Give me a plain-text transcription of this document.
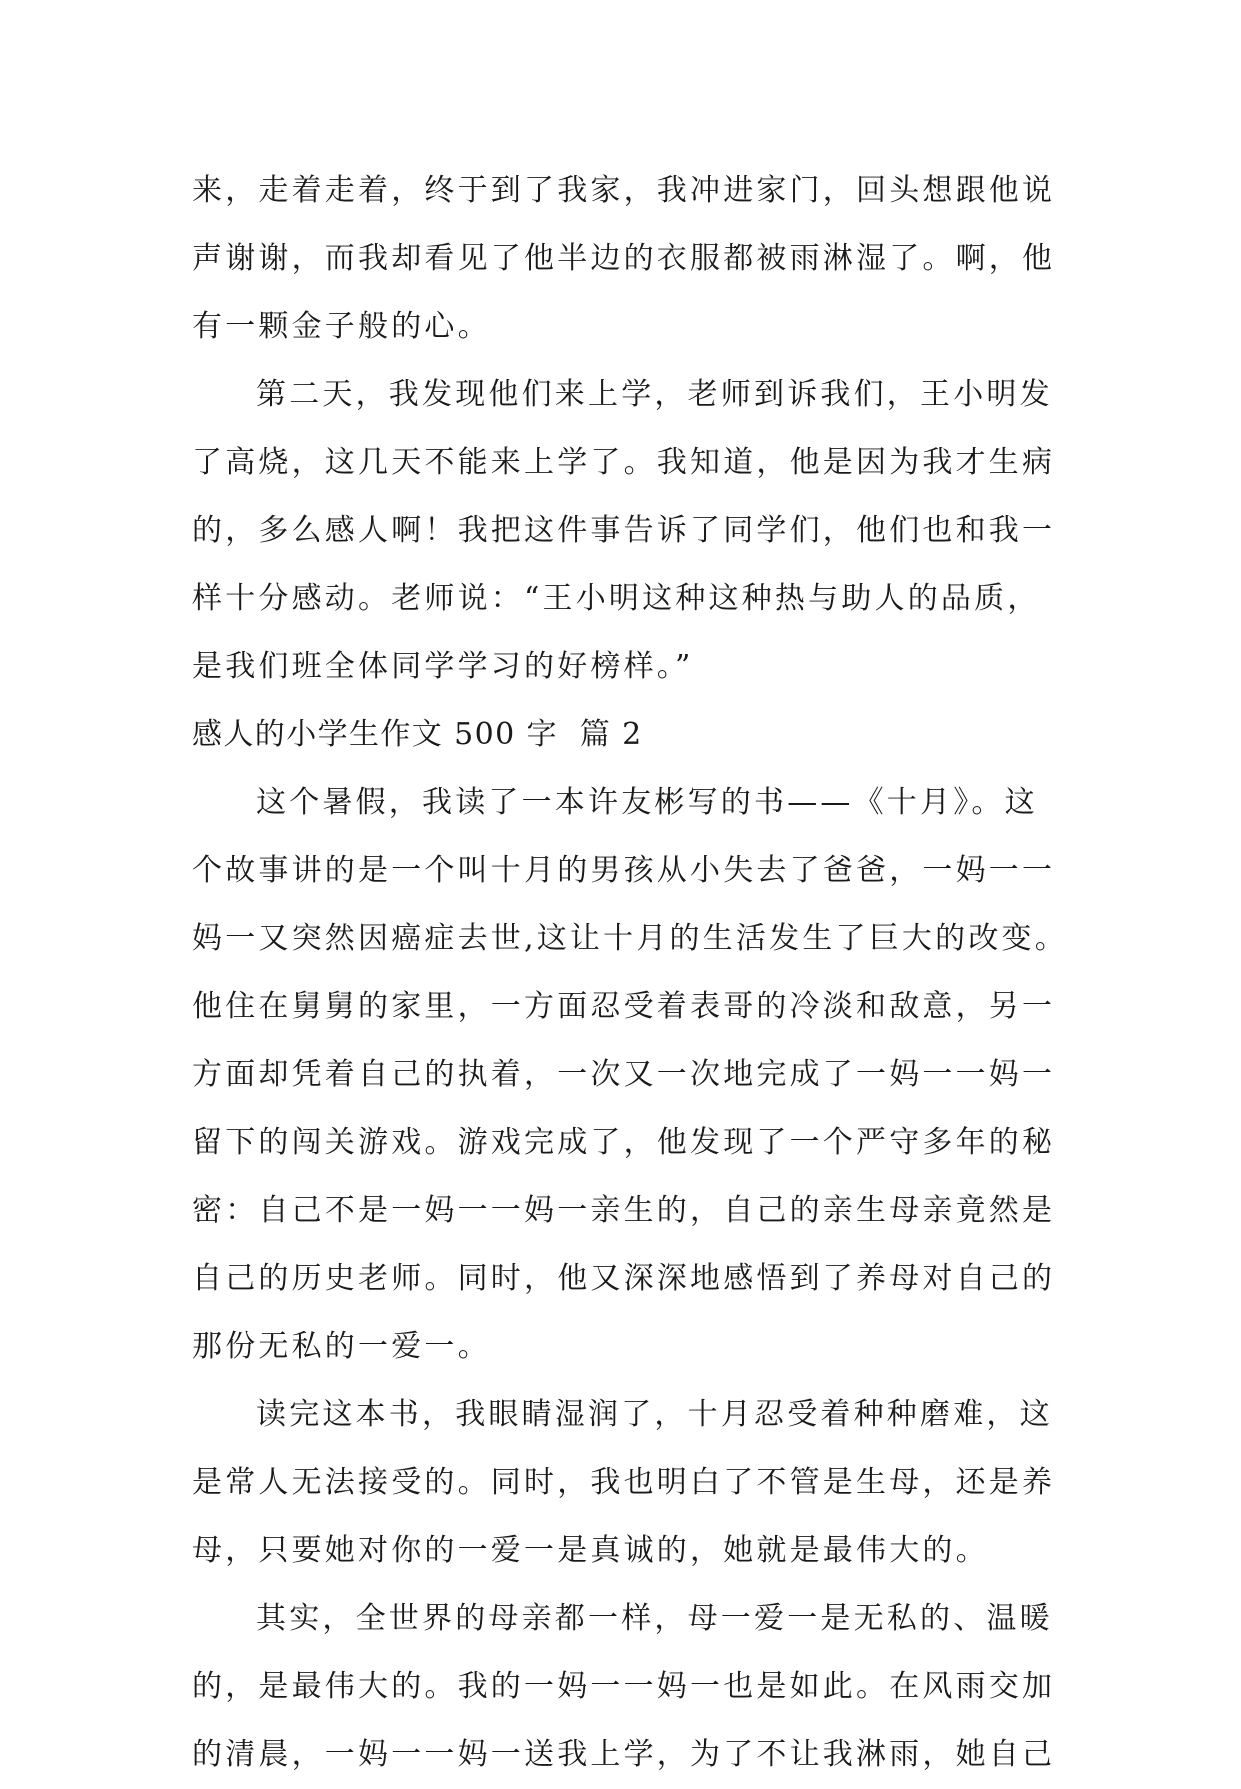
来，走着走着，终于到了我家，我冲进家门，回头想跟他说
声谢谢，而我却看见了他半边的衣服都被雨淋湿了。啊，他
有一颗金子般的心。
第二天，我发现他们来上学，老师到诉我们，王小明发
了高烧，这几天不能来上学了。我知道，他是因为我才生病
的，多么感人啊！我把这件事告诉了同学们，他们也和我一
样十分感动。老师说：“王小明这种这种热与助人的品质，
是我们班全体同学学习的好榜样。”
感人的小学生作文 500 字  篇 2
这个暑假，我读了一本许友彬写的书——《十月》。这
个故事讲的是一个叫十月的男孩从小失去了爸爸，一妈一一
妈一又突然因癌症去世,这让十月的生活发生了巨大的改变。
他住在舅舅的家里，一方面忍受着表哥的冷淡和敌意，另一
方面却凭着自己的执着，一次又一次地完成了一妈一一妈一
留下的闯关游戏。游戏完成了，他发现了一个严守多年的秘
密：自己不是一妈一一妈一亲生的，自己的亲生母亲竟然是
自己的历史老师。同时，他又深深地感悟到了养母对自己的
那份无私的一爱一。
读完这本书，我眼睛湿润了，十月忍受着种种磨难，这
是常人无法接受的。同时，我也明白了不管是生母，还是养
母，只要她对你的一爱一是真诚的，她就是最伟大的。
其实，全世界的母亲都一样，母一爱一是无私的、温暖
的，是最伟大的。我的一妈一一妈一也是如此。在风雨交加
的清晨，一妈一一妈一送我上学，为了不让我淋雨，她自己
